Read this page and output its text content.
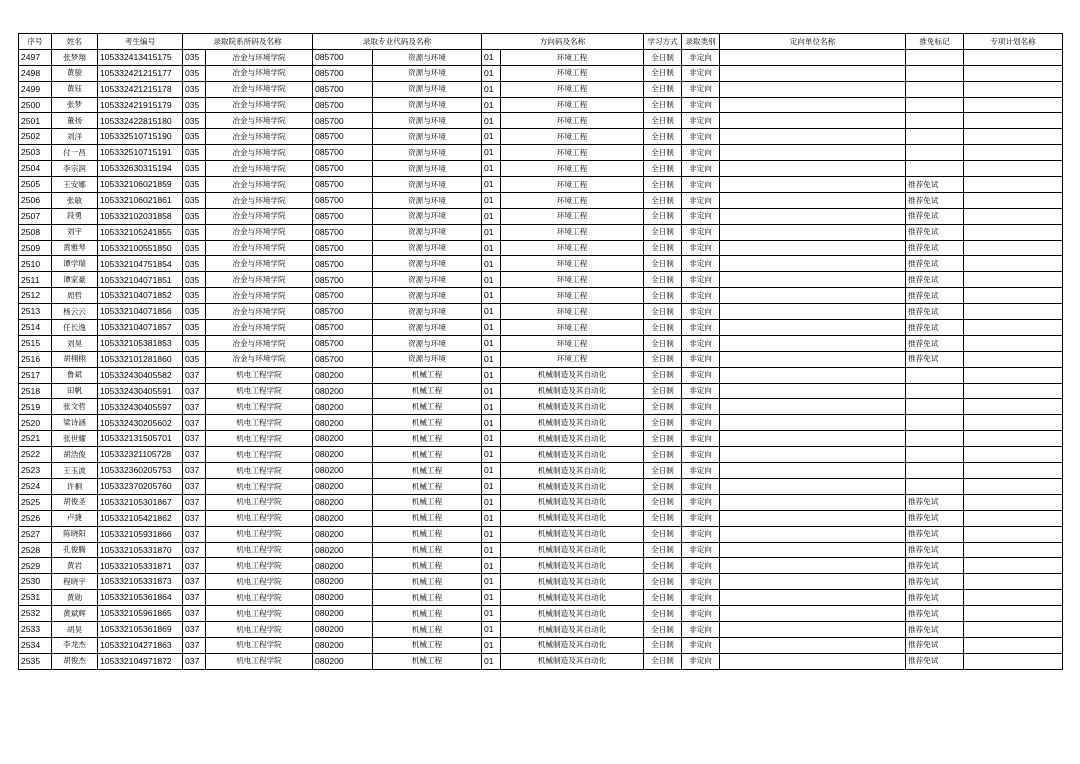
序号	姓名	考生编号	录取院系所码及名称		录取专业代码及名称		方向码及名称		学习方式	录取类别	定向单位名称	推免标记	专项计划名称
2497	张梦翔	105332413415175	035	冶金与环境学院	085700	资源与环境	01	环境工程	全日制	非定向			
2498	黄骏	105332421215177	035	冶金与环境学院	085700	资源与环境	01	环境工程	全日制	非定向			
2499	黄钰	105332421215178	035	冶金与环境学院	085700	资源与环境	01	环境工程	全日制	非定向			
2500	张梦	105332421915179	035	冶金与环境学院	085700	资源与环境	01	环境工程	全日制	非定向			
2501	董扬	105332422815180	035	冶金与环境学院	085700	资源与环境	01	环境工程	全日制	非定向			
2502	刘洋	105332510715190	035	冶金与环境学院	085700	资源与环境	01	环境工程	全日制	非定向			
2503	付一昌	105332510715191	035	冶金与环境学院	085700	资源与环境	01	环境工程	全日制	非定向			
2504	李宗润	105332630315194	035	冶金与环境学院	085700	资源与环境	01	环境工程	全日制	非定向			
2505	王安娜	105332106021859	035	冶金与环境学院	085700	资源与环境	01	环境工程	全日制	非定向		推荐免试	
2506	张敏	105332106021861	035	冶金与环境学院	085700	资源与环境	01	环境工程	全日制	非定向		推荐免试	
2507	段勇	105332102031858	035	冶金与环境学院	085700	资源与环境	01	环境工程	全日制	非定向		推荐免试	
2508	刘宇	105332105241855	035	冶金与环境学院	085700	资源与环境	01	环境工程	全日制	非定向		推荐免试	
2509	黄雅琴	105332100551850	035	冶金与环境学院	085700	资源与环境	01	环境工程	全日制	非定向		推荐免试	
2510	谭学瑞	105332104751854	035	冶金与环境学院	085700	资源与环境	01	环境工程	全日制	非定向		推荐免试	
2511	谭家豪	105332104071851	035	冶金与环境学院	085700	资源与环境	01	环境工程	全日制	非定向		推荐免试	
2512	周哲	105332104071852	035	冶金与环境学院	085700	资源与环境	01	环境工程	全日制	非定向		推荐免试	
2513	杨云云	105332104071856	035	冶金与环境学院	085700	资源与环境	01	环境工程	全日制	非定向		推荐免试	
2514	任长逸	105332104071857	035	冶金与环境学院	085700	资源与环境	01	环境工程	全日制	非定向		推荐免试	
2515	刘昊	105332105381853	035	冶金与环境学院	085700	资源与环境	01	环境工程	全日制	非定向		推荐免试	
2516	胡栩栩	105332101281860	035	冶金与环境学院	085700	资源与环境	01	环境工程	全日制	非定向		推荐免试	
2517	鲁斌	105332430405582	037	机电工程学院	080200	机械工程	01	机械制造及其自动化	全日制	非定向			
2518	田帆	105332430405591	037	机电工程学院	080200	机械工程	01	机械制造及其自动化	全日制	非定向			
2519	张文哲	105332430405597	037	机电工程学院	080200	机械工程	01	机械制造及其自动化	全日制	非定向			
2520	梁诗涵	105332430205602	037	机电工程学院	080200	机械工程	01	机械制造及其自动化	全日制	非定向			
2521	张世耀	105332131505701	037	机电工程学院	080200	机械工程	01	机械制造及其自动化	全日制	非定向			
2522	胡浩俊	105332321105728	037	机电工程学院	080200	机械工程	01	机械制造及其自动化	全日制	非定向			
2523	王玉波	105332360205753	037	机电工程学院	080200	机械工程	01	机械制造及其自动化	全日制	非定向			
2524	许桐	105332370205760	037	机电工程学院	080200	机械工程	01	机械制造及其自动化	全日制	非定向			
2525	胡俊圣	105332105301867	037	机电工程学院	080200	机械工程	01	机械制造及其自动化	全日制	非定向		推荐免试	
2526	卢捷	105332105421862	037	机电工程学院	080200	机械工程	01	机械制造及其自动化	全日制	非定向		推荐免试	
2527	陈晓阳	105332105931866	037	机电工程学院	080200	机械工程	01	机械制造及其自动化	全日制	非定向		推荐免试	
2528	孔俊腾	105332105331870	037	机电工程学院	080200	机械工程	01	机械制造及其自动化	全日制	非定向		推荐免试	
2529	黄岩	105332105331871	037	机电工程学院	080200	机械工程	01	机械制造及其自动化	全日制	非定向		推荐免试	
2530	程晓宇	105332105331873	037	机电工程学院	080200	机械工程	01	机械制造及其自动化	全日制	非定向		推荐免试	
2531	黄勋	105332105361864	037	机电工程学院	080200	机械工程	01	机械制造及其自动化	全日制	非定向		推荐免试	
2532	黄斌辉	105332105961865	037	机电工程学院	080200	机械工程	01	机械制造及其自动化	全日制	非定向		推荐免试	
2533	胡昊	105332105361869	037	机电工程学院	080200	机械工程	01	机械制造及其自动化	全日制	非定向		推荐免试	
2534	李龙杰	105332104271863	037	机电工程学院	080200	机械工程	01	机械制造及其自动化	全日制	非定向		推荐免试	
2535	胡俊杰	105332104971872	037	机电工程学院	080200	机械工程	01	机械制造及其自动化	全日制	非定向		推荐免试	
